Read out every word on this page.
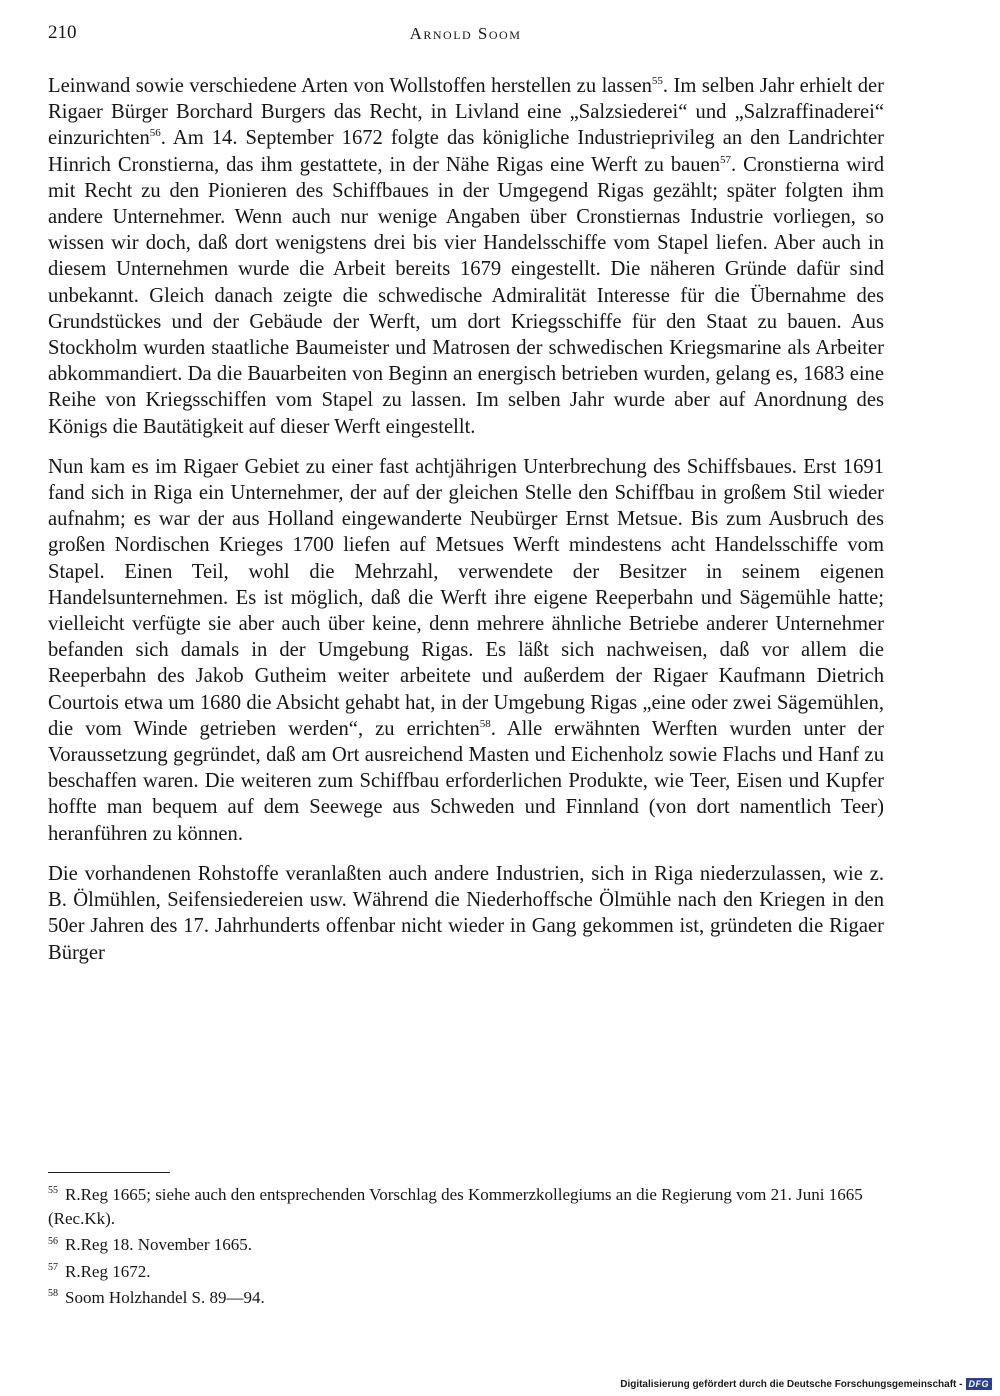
210	Arnold Soom

Leinwand sowie verschiedene Arten von Wollstoffen herstellen zu lassen$^{55}$. Im selben Jahr erhielt der Rigaer Bürger Borchard Burgers das Recht, in Livland eine „Salzsiederei“ und „Salzraffinaderei“ einzurichten$^{56}$. Am 14. September 1672 folgte das königliche Industrieprivileg an den Landrichter Hinrich Cronstierna, das ihm gestattete, in der Nähe Rigas eine Werft zu bauen$^{57}$. Cronstierna wird mit Recht zu den Pionieren des Schiffbaues in der Umgegend Rigas gezählt; später folgten ihm andere Unternehmer. Wenn auch nur wenige Angaben über Cronstiernas Industrie vorliegen, so wissen wir doch, daß dort wenigstens drei bis vier Handelsschiffe vom Stapel liefen. Aber auch in diesem Unternehmen wurde die Arbeit bereits 1679 eingestellt. Die näheren Gründe dafür sind unbekannt. Gleich danach zeigte die schwedische Admiralität Interesse für die Übernahme des Grundstückes und der Gebäude der Werft, um dort Kriegsschiffe für den Staat zu bauen. Aus Stockholm wurden staatliche Baumeister und Matrosen der schwedischen Kriegsmarine als Arbeiter abkommandiert. Da die Bauarbeiten von Beginn an energisch betrieben wurden, gelang es, 1683 eine Reihe von Kriegsschiffen vom Stapel zu lassen. Im selben Jahr wurde aber auf Anordnung des Königs die Bautätigkeit auf dieser Werft eingestellt.

Nun kam es im Rigaer Gebiet zu einer fast achtjährigen Unterbrechung des Schiffsbaues. Erst 1691 fand sich in Riga ein Unternehmer, der auf der gleichen Stelle den Schiffbau in großem Stil wieder aufnahm; es war der aus Holland eingewanderte Neubürger Ernst Metsue. Bis zum Ausbruch des großen Nordischen Krieges 1700 liefen auf Metsues Werft mindestens acht Handelsschiffe vom Stapel. Einen Teil, wohl die Mehrzahl, verwendete der Besitzer in seinem eigenen Handelsunternehmen. Es ist möglich, daß die Werft ihre eigene Reeperbahn und Sägemühle hatte; vielleicht verfügte sie aber auch über keine, denn mehrere ähnliche Betriebe anderer Unternehmer befanden sich damals in der Umgebung Rigas. Es läßt sich nachweisen, daß vor allem die Reeperbahn des Jakob Gutheim weiter arbeitete und außerdem der Rigaer Kaufmann Dietrich Courtois etwa um 1680 die Absicht gehabt hat, in der Umgebung Rigas „eine oder zwei Sägemühlen, die vom Winde getrieben werden“, zu errichten$^{58}$. Alle erwähnten Werften wurden unter der Voraussetzung gegründet, daß am Ort ausreichend Masten und Eichenholz sowie Flachs und Hanf zu beschaffen waren. Die weiteren zum Schiffbau erforderlichen Produkte, wie Teer, Eisen und Kupfer hoffte man bequem auf dem Seewege aus Schweden und Finnland (von dort namentlich Teer) heranführen zu können.

Die vorhandenen Rohstoffe veranlaßten auch andere Industrien, sich in Riga niederzulassen, wie z. B. Ölmühlen, Seifensiedereien usw. Während die Niederhoffsche Ölmühle nach den Kriegen in den 50er Jahren des 17. Jahrhunderts offenbar nicht wieder in Gang gekommen ist, gründeten die Rigaer Bürger

$^{55}$ R.Reg 1665; siehe auch den entsprechenden Vorschlag des Kommerzkollegiums an die Regierung vom 21. Juni 1665 (Rec.Kk).
$^{56}$ R.Reg 18. November 1665.
$^{57}$ R.Reg 1672.
$^{58}$ Soom Holzhandel S. 89—94.
Digitalisierung gefördert durch die Deutsche Forschungsgemeinschaft - DFG
